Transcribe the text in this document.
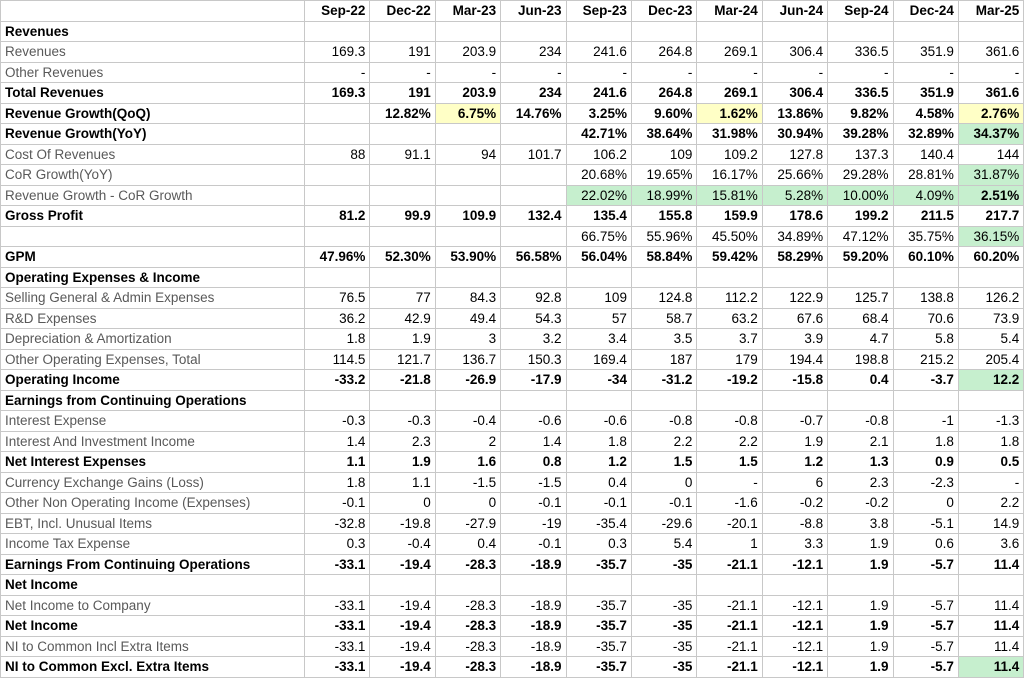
	Sep-22	Dec-22	Mar-23	Jun-23	Sep-23	Dec-23	Mar-24	Jun-24	Sep-24	Dec-24	Mar-25
Revenues											
Revenues	169.3	191	203.9	234	241.6	264.8	269.1	306.4	336.5	351.9	361.6
Other Revenues	-	-	-	-	-	-	-	-	-	-	-
Total Revenues	169.3	191	203.9	234	241.6	264.8	269.1	306.4	336.5	351.9	361.6
Revenue Growth(QoQ)		12.82%	6.75%	14.76%	3.25%	9.60%	1.62%	13.86%	9.82%	4.58%	2.76%
Revenue Growth(YoY)					42.71%	38.64%	31.98%	30.94%	39.28%	32.89%	34.37%
Cost Of Revenues	88	91.1	94	101.7	106.2	109	109.2	127.8	137.3	140.4	144
CoR Growth(YoY)					20.68%	19.65%	16.17%	25.66%	29.28%	28.81%	31.87%
Revenue Growth - CoR Growth					22.02%	18.99%	15.81%	5.28%	10.00%	4.09%	2.51%
Gross Profit	81.2	99.9	109.9	132.4	135.4	155.8	159.9	178.6	199.2	211.5	217.7
					66.75%	55.96%	45.50%	34.89%	47.12%	35.75%	36.15%
GPM	47.96%	52.30%	53.90%	56.58%	56.04%	58.84%	59.42%	58.29%	59.20%	60.10%	60.20%
Operating Expenses & Income											
Selling General & Admin Expenses	76.5	77	84.3	92.8	109	124.8	112.2	122.9	125.7	138.8	126.2
R&D Expenses	36.2	42.9	49.4	54.3	57	58.7	63.2	67.6	68.4	70.6	73.9
Depreciation & Amortization	1.8	1.9	3	3.2	3.4	3.5	3.7	3.9	4.7	5.8	5.4
Other Operating Expenses, Total	114.5	121.7	136.7	150.3	169.4	187	179	194.4	198.8	215.2	205.4
Operating Income	-33.2	-21.8	-26.9	-17.9	-34	-31.2	-19.2	-15.8	0.4	-3.7	12.2
Earnings from Continuing Operations											
Interest Expense	-0.3	-0.3	-0.4	-0.6	-0.6	-0.8	-0.8	-0.7	-0.8	-1	-1.3
Interest And Investment Income	1.4	2.3	2	1.4	1.8	2.2	2.2	1.9	2.1	1.8	1.8
Net Interest Expenses	1.1	1.9	1.6	0.8	1.2	1.5	1.5	1.2	1.3	0.9	0.5
Currency Exchange Gains (Loss)	1.8	1.1	-1.5	-1.5	0.4	0	-	6	2.3	-2.3	-
Other Non Operating Income (Expenses)	-0.1	0	0	-0.1	-0.1	-0.1	-1.6	-0.2	-0.2	0	2.2
EBT, Incl. Unusual Items	-32.8	-19.8	-27.9	-19	-35.4	-29.6	-20.1	-8.8	3.8	-5.1	14.9
Income Tax Expense	0.3	-0.4	0.4	-0.1	0.3	5.4	1	3.3	1.9	0.6	3.6
Earnings From Continuing Operations	-33.1	-19.4	-28.3	-18.9	-35.7	-35	-21.1	-12.1	1.9	-5.7	11.4
Net Income											
Net Income to Company	-33.1	-19.4	-28.3	-18.9	-35.7	-35	-21.1	-12.1	1.9	-5.7	11.4
Net Income	-33.1	-19.4	-28.3	-18.9	-35.7	-35	-21.1	-12.1	1.9	-5.7	11.4
NI to Common Incl Extra Items	-33.1	-19.4	-28.3	-18.9	-35.7	-35	-21.1	-12.1	1.9	-5.7	11.4
NI to Common Excl. Extra Items	-33.1	-19.4	-28.3	-18.9	-35.7	-35	-21.1	-12.1	1.9	-5.7	11.4
